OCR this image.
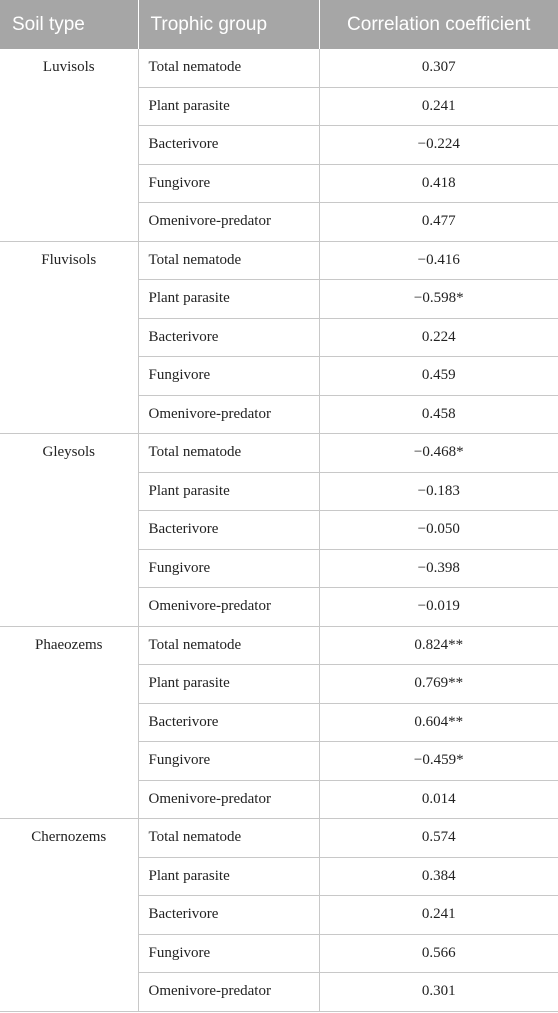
Soil type	Trophic group	Correlation coefficient
Luvisols	Total nematode	0.307
	Plant parasite	0.241
	Bacterivore	−0.224
	Fungivore	0.418
	Omenivore-predator	0.477
Fluvisols	Total nematode	−0.416
	Plant parasite	−0.598*
	Bacterivore	0.224
	Fungivore	0.459
	Omenivore-predator	0.458
Gleysols	Total nematode	−0.468*
	Plant parasite	−0.183
	Bacterivore	−0.050
	Fungivore	−0.398
	Omenivore-predator	−0.019
Phaeozems	Total nematode	0.824**
	Plant parasite	0.769**
	Bacterivore	0.604**
	Fungivore	−0.459*
	Omenivore-predator	0.014
Chernozems	Total nematode	0.574
	Plant parasite	0.384
	Bacterivore	0.241
	Fungivore	0.566
	Omenivore-predator	0.301
